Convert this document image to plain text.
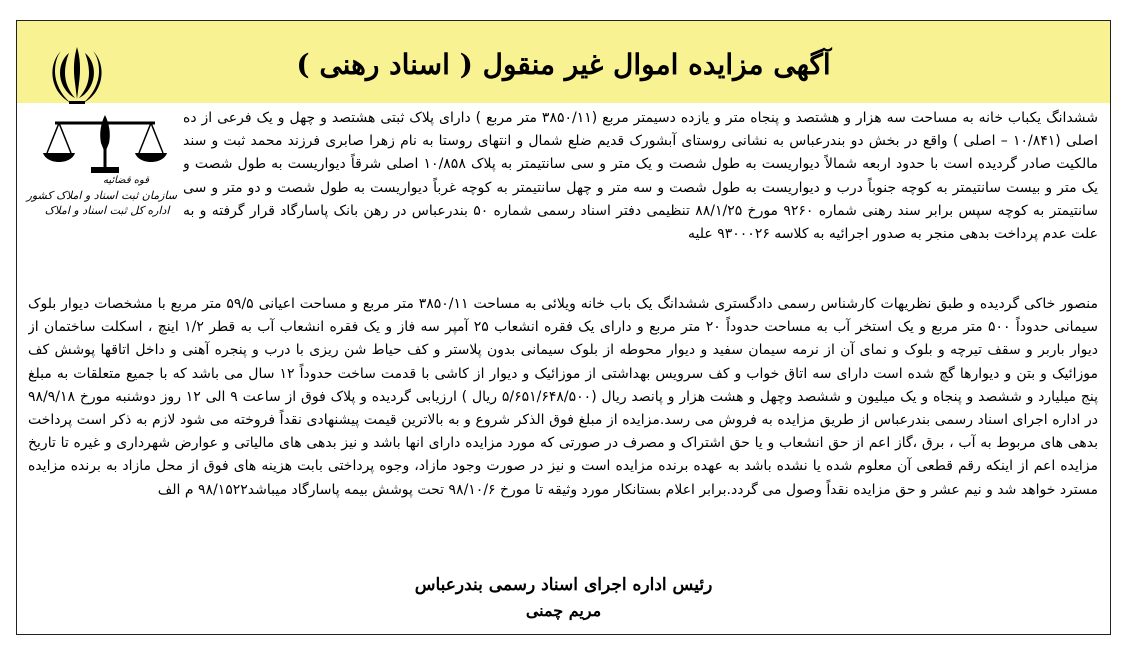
آگهی مزایده اموال غیر منقول ( اسناد رهنی )
قوه قضائیه
سازمان ثبت اسناد و املاک کشور
اداره کل ثبت اسناد و املاک

ششدانگ یکباب خانه به مساحت سه هزار و هشتصد و پنجاه متر و یازده دسیمتر مربع (۳۸۵۰/۱۱ متر مربع ) دارای پلاک ثبتی هشتصد و چهل و یک فرعی از ده اصلی (۱۰/۸۴۱ – اصلی ) واقع در بخش دو بندرعباس به نشانی روستای آبشورک قدیم ضلع شمال و انتهای روستا به نام زهرا صابری فرزند محمد ثبت و سند مالکیت صادر گردیده است با حدود اربعه شمالاً دیواریست به طول شصت و یک متر و سی سانتیمتر به پلاک ۱۰/۸۵۸ اصلی شرقاً دیواریست به طول شصت و یک متر و بیست سانتیمتر به کوچه جنوباً درب و دیواریست به طول شصت و سه متر و چهل سانتیمتر به کوچه غرباً دیواریست به طول شصت و دو متر و سی سانتیمتر به کوچه سپس برابر سند رهنی شماره ۹۲۶۰ مورخ ۸۸/۱/۲۵ تنظیمی دفتر اسناد رسمی شماره ۵۰ بندرعباس در رهن بانک پاسارگاد قرار گرفته و به علت عدم پرداخت بدهی منجر به صدور اجرائیه به کلاسه ۹۳۰۰۰۲۶ علیه

منصور خاکی گردیده و طبق نظریهات کارشناس رسمی دادگستری ششدانگ یک باب خانه ویلائی به مساحت ۳۸۵۰/۱۱ متر مربع و مساحت اعیانی ۵۹/۵ متر مربع با مشخصات دیوار بلوک سیمانی حدوداً ۵۰۰ متر مربع و یک استخر آب به مساحت حدوداً ۲۰ متر مربع و دارای یک فقره انشعاب ۲۵ آمپر سه فاز و یک فقره انشعاب آب به قطر ۱/۲ اینچ ، اسکلت ساختمان از دیوار باربر و سقف تیرچه و بلوک و نمای آن از نرمه سیمان سفید و دیوار محوطه از بلوک سیمانی بدون پلاستر و کف حیاط شن ریزی با درب و پنجره آهنی و داخل اتاقها پوشش کف موزائیک و بتن و دیوارها گچ شده است دارای سه اتاق خواب و کف سرویس بهداشتی از موزائیک و دیوار از کاشی با قدمت ساخت حدوداً ۱۲ سال می باشد که با جمیع متعلقات به مبلغ پنج میلیارد و ششصد و پنجاه و یک میلیون و ششصد وچهل و هشت هزار و پانصد ریال (۵/۶۵۱/۶۴۸/۵۰۰ ریال ) ارزیابی گردیده و پلاک فوق از ساعت ۹ الی ۱۲ روز دوشنبه مورخ ۹۸/۹/۱۸ در اداره اجرای اسناد رسمی بندرعباس از طریق مزایده به فروش می رسد.مزایده از مبلغ فوق الذکر شروع و به بالاترین قیمت پیشنهادی نقداً فروخته می شود لازم به ذکر است پرداخت بدهی های مربوط به آب ، برق ،گاز اعم از حق انشعاب و یا حق اشتراک و مصرف در صورتی که مورد مزایده دارای انها باشد و نیز بدهی های مالیاتی و عوارض شهرداری و غیره تا تاریخ مزایده اعم از اینکه رقم قطعی آن معلوم شده یا نشده باشد به عهده برنده مزایده است و نیز در صورت وجود مازاد، وجوه پرداختی بابت هزینه های فوق از محل مازاد به برنده مزایده مسترد خواهد شد و نیم عشر و حق مزایده نقداً وصول می گردد.برابر اعلام بستانکار مورد وثیقه تا مورخ ۹۸/۱۰/۶ تحت پوشش بیمه پاسارگاد میباشد۹۸/۱۵۲۲ م الف

رئیس اداره اجرای اسناد رسمی بندرعباس
مریم چمنی
